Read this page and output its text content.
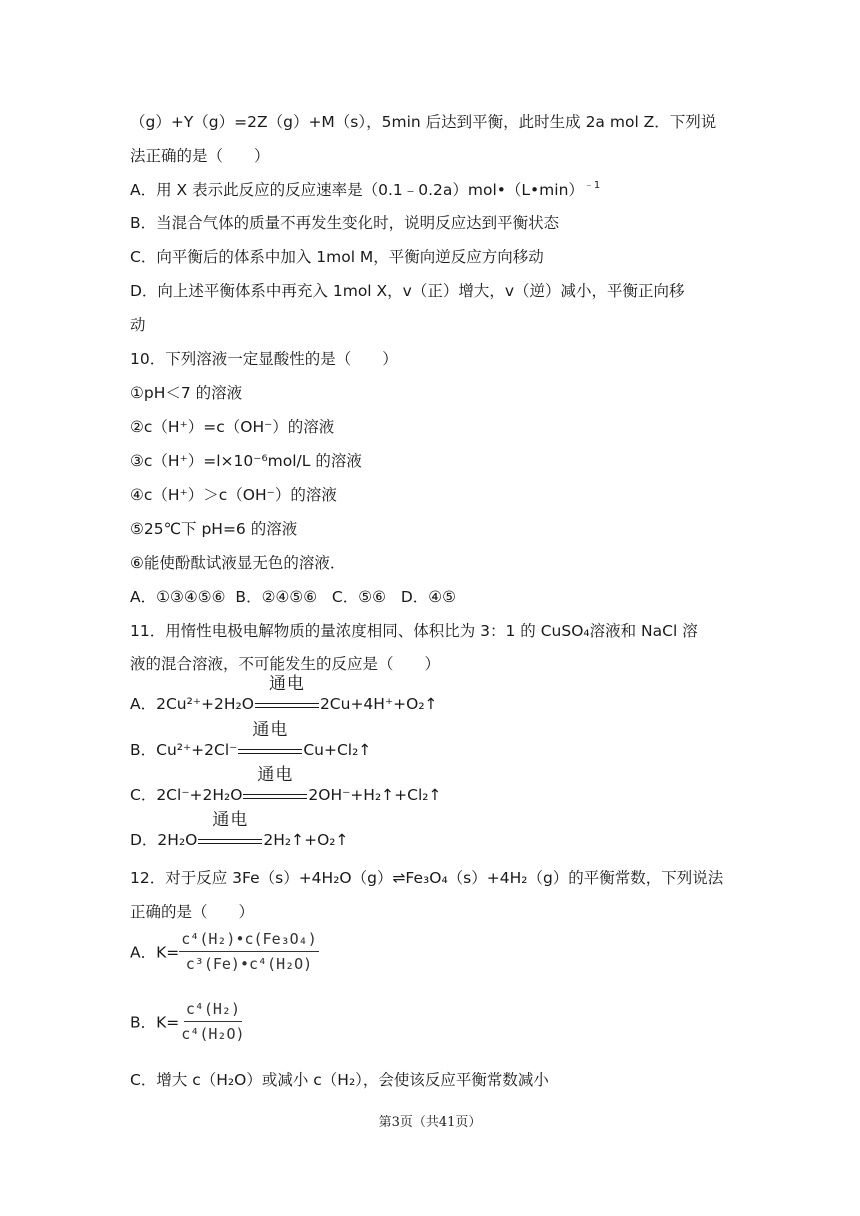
（g）+Y（g）=2Z（g）+M（s），5min 后达到平衡，此时生成 2a mol Z．下列说
法正确的是（　　）
A．用 X 表示此反应的反应速率是（0.1﹣0.2a）mol•（L•min）$^{﹣1}$
B．当混合气体的质量不再发生变化时，说明反应达到平衡状态
C．向平衡后的体系中加入 1mol M，平衡向逆反应方向移动
D．向上述平衡体系中再充入 1mol X，v（正）增大，v（逆）减小，平衡正向移
动
10．下列溶液一定显酸性的是（　　）
①pH＜7 的溶液
②c（H⁺）=c（OH⁻）的溶液
③c（H⁺）=l×10⁻⁶mol/L 的溶液
④c（H⁺）＞c（OH⁻）的溶液
⑤25℃下 pH=6 的溶液
⑥能使酚酞试液显无色的溶液．
A．①③④⑤⑥  B．②④⑤⑥   C．⑤⑥   D．④⑤
11．用惰性电极电解物质的量浓度相同、体积比为 3：1 的 CuSO₄溶液和 NaCl 溶
液的混合溶液，不可能发生的反应是（　　）
A．2Cu²⁺+2H₂O
通电
2Cu+4H⁺+O₂↑
B．Cu²⁺+2Cl⁻
通电
Cu+Cl₂↑
C．2Cl⁻+2H₂O
通电
2OH⁻+H₂↑+Cl₂↑
D．2H₂O
通电
2H₂↑+O₂↑
12．对于反应 3Fe（s）+4H₂O（g）⇌Fe₃O₄（s）+4H₂（g）的平衡常数，下列说法
正确的是（　　）
A．$K= \frac{\text{c⁴(H₂)•c(Fe₃O₄)}}{\text{c³(Fe)•c⁴(H₂O)}}$
B．$K= \frac{\text{c⁴(H₂)}}{\text{c⁴(H₂O)}}$
C．增大 c（H₂O）或减小 c（H₂），会使该反应平衡常数减小
第3页（共41页）
